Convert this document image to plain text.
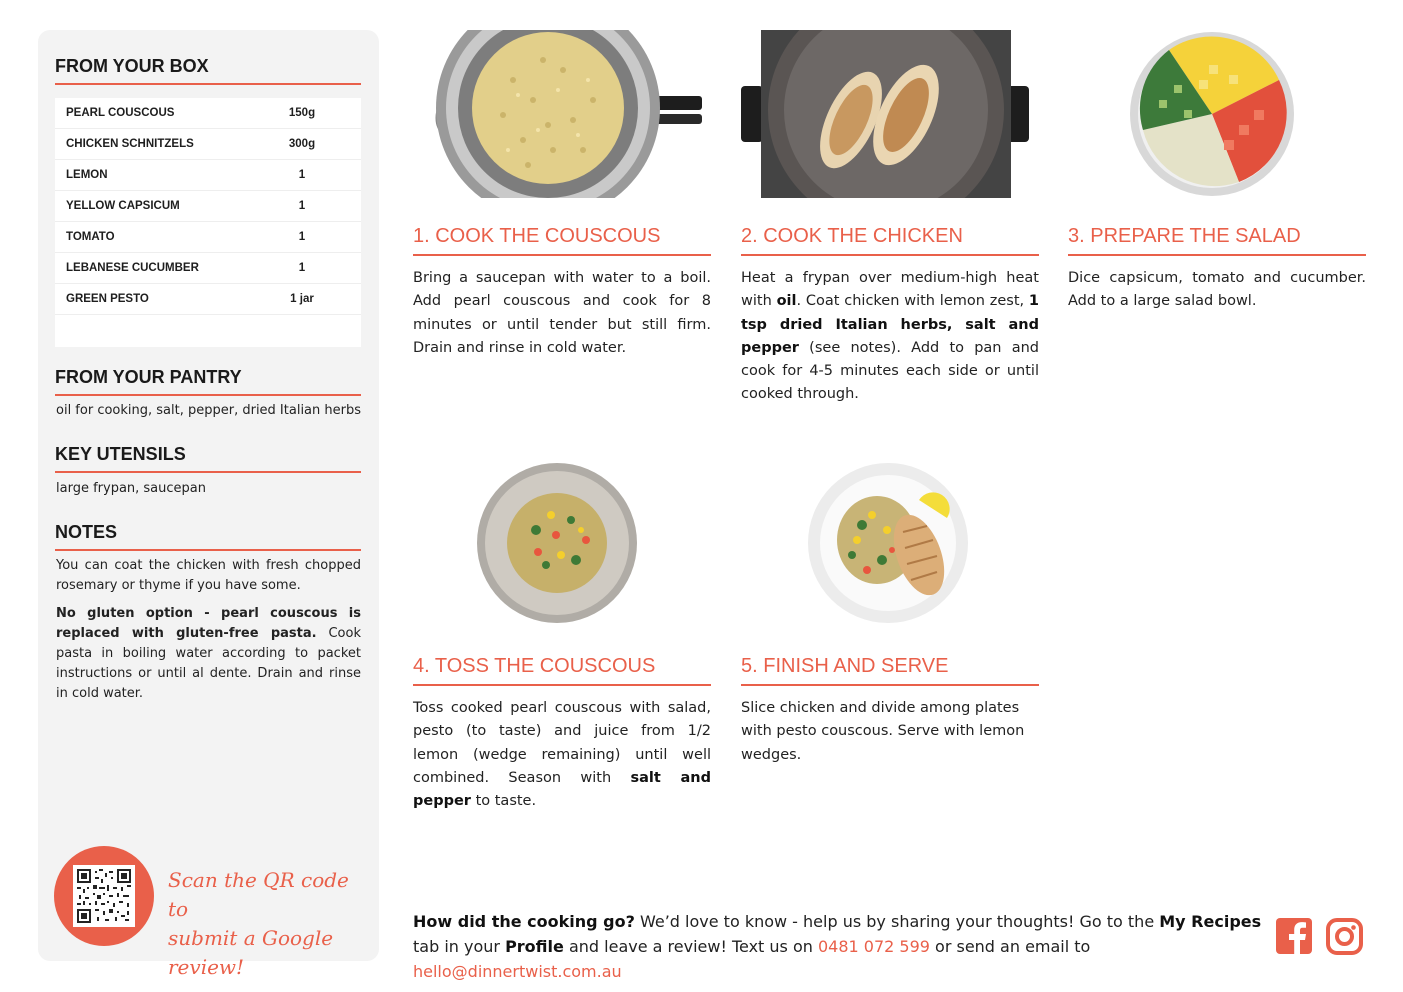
FROM YOUR BOX
PEARL COUSCOUS	150g
CHICKEN SCHNITZELS	300g
LEMON	1
YELLOW CAPSICUM	1
TOMATO	1
LEBANESE CUCUMBER	1
GREEN PESTO	1 jar
FROM YOUR PANTRY
oil for cooking, salt, pepper, dried Italian herbs
KEY UTENSILS
large frypan, saucepan
NOTES
You can coat the chicken with fresh chopped rosemary or thyme if you have some.
No gluten option - pearl couscous is replaced with gluten-free pasta. Cook pasta in boiling water according to packet instructions or until al dente. Drain and rinse in cold water.
Scan the QR code to
submit a Google review!
1. COOK THE COUSCOUS
Bring a saucepan with water to a boil. Add pearl couscous and cook for 8 minutes or until tender but still firm. Drain and rinse in cold water.
2. COOK THE CHICKEN
Heat a frypan over medium-high heat with oil. Coat chicken with lemon zest, 1 tsp dried Italian herbs, salt and pepper (see notes). Add to pan and cook for 4-5 minutes each side or until cooked through.
3. PREPARE THE SALAD
Dice capsicum, tomato and cucumber. Add to a large salad bowl.
4. TOSS THE COUSCOUS
Toss cooked pearl couscous with salad, pesto (to taste) and juice from 1/2 lemon (wedge remaining) until well combined. Season with salt and pepper to taste.
5. FINISH AND SERVE
Slice chicken and divide among plates with pesto couscous. Serve with lemon wedges.
How did the cooking go? We’d love to know - help us by sharing your thoughts! Go to the My Recipes tab in your Profile and leave a review! Text us on 0481 072 599 or send an email to hello@dinnertwist.com.au
